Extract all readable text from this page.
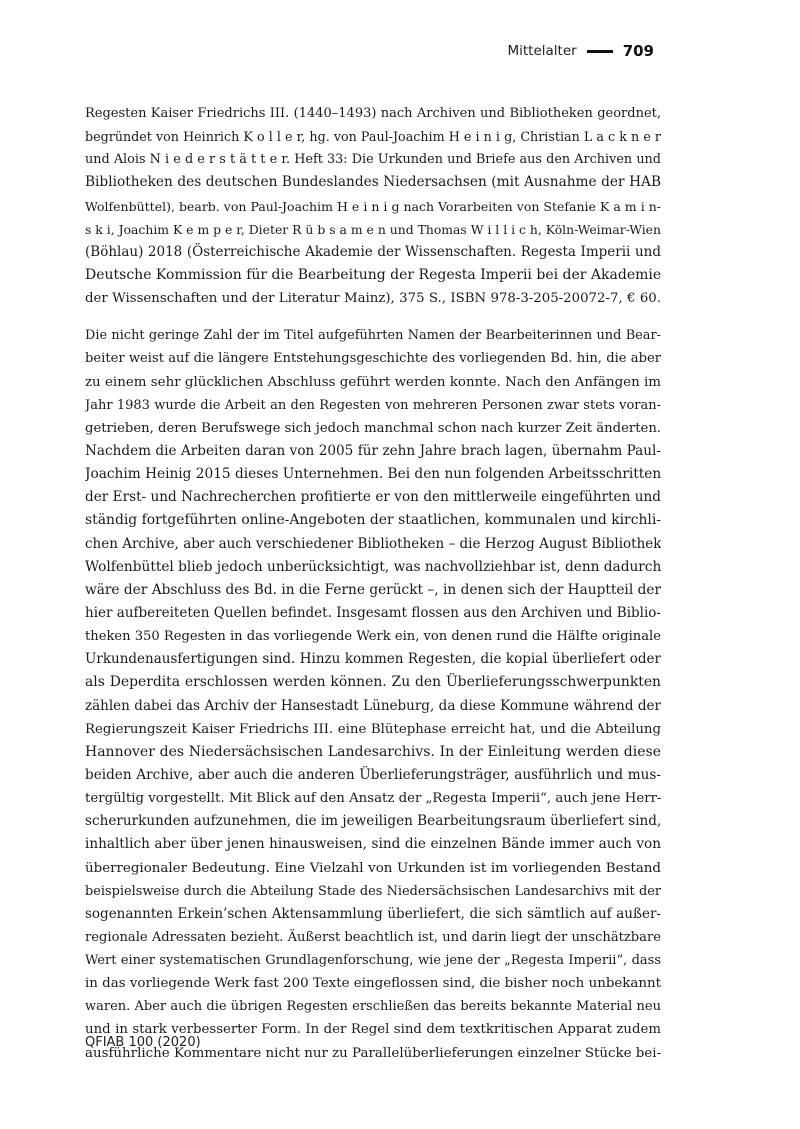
Mittelalter	709
Regesten Kaiser Friedrichs III. (1440–1493) nach Archiven und Bibliotheken geordnet,
begründet von Heinrich K o l l e r, hg. von Paul-Joachim H e i n i g, Christian L a c k n e r
und Alois N i e d e r s t ä t t e r. Heft 33: Die Urkunden und Briefe aus den Archiven und
Bibliotheken des deutschen Bundeslandes Niedersachsen (mit Ausnahme der HAB
Wolfenbüttel), bearb. von Paul-Joachim H e i n i g nach Vorarbeiten von Stefanie K a m i n-
s k i, Joachim K e m p e r, Dieter R ü b s a m e n und Thomas W i l l i c h, Köln-Weimar-Wien
(Böhlau) 2018 (Österreichische Akademie der Wissenschaften. Regesta Imperii und
Deutsche Kommission für die Bearbeitung der Regesta Imperii bei der Akademie
der Wissenschaften und der Literatur Mainz), 375 S., ISBN 978-3-205-20072-7, € 60.
Die nicht geringe Zahl der im Titel aufgeführten Namen der Bearbeiterinnen und Bear-
beiter weist auf die längere Entstehungsgeschichte des vorliegenden Bd. hin, die aber
zu einem sehr glücklichen Abschluss geführt werden konnte. Nach den Anfängen im
Jahr 1983 wurde die Arbeit an den Regesten von mehreren Personen zwar stets voran-
getrieben, deren Berufswege sich jedoch manchmal schon nach kurzer Zeit änderten.
Nachdem die Arbeiten daran von 2005 für zehn Jahre brach lagen, übernahm Paul-
Joachim Heinig 2015 dieses Unternehmen. Bei den nun folgenden Arbeitsschritten
der Erst- und Nachrecherchen profitierte er von den mittlerweile eingeführten und
ständig fortgeführten online-Angeboten der staatlichen, kommunalen und kirchli-
chen Archive, aber auch verschiedener Bibliotheken – die Herzog August Bibliothek
Wolfenbüttel blieb jedoch unberücksichtigt, was nachvollziehbar ist, denn dadurch
wäre der Abschluss des Bd. in die Ferne gerückt –, in denen sich der Hauptteil der
hier aufbereiteten Quellen befindet. Insgesamt flossen aus den Archiven und Biblio-
theken 350 Regesten in das vorliegende Werk ein, von denen rund die Hälfte originale
Urkundenausfertigungen sind. Hinzu kommen Regesten, die kopial überliefert oder
als Deperdita erschlossen werden können. Zu den Überlieferungsschwerpunkten
zählen dabei das Archiv der Hansestadt Lüneburg, da diese Kommune während der
Regierungszeit Kaiser Friedrichs III. eine Blütephase erreicht hat, und die Abteilung
Hannover des Niedersächsischen Landesarchivs. In der Einleitung werden diese
beiden Archive, aber auch die anderen Überlieferungsträger, ausführlich und mus-
tergültig vorgestellt. Mit Blick auf den Ansatz der „Regesta Imperii“, auch jene Herr-
scherurkunden aufzunehmen, die im jeweiligen Bearbeitungsraum überliefert sind,
inhaltlich aber über jenen hinausweisen, sind die einzelnen Bände immer auch von
überregionaler Bedeutung. Eine Vielzahl von Urkunden ist im vorliegenden Bestand
beispielsweise durch die Abteilung Stade des Niedersächsischen Landesarchivs mit der
sogenannten Erkein’schen Aktensammlung überliefert, die sich sämtlich auf außer-
regionale Adressaten bezieht. Äußerst beachtlich ist, und darin liegt der unschätzbare
Wert einer systematischen Grundlagenforschung, wie jene der „Regesta Imperii“, dass
in das vorliegende Werk fast 200 Texte eingeflossen sind, die bisher noch unbekannt
waren. Aber auch die übrigen Regesten erschließen das bereits bekannte Material neu
und in stark verbesserter Form. In der Regel sind dem textkritischen Apparat zudem
ausführliche Kommentare nicht nur zu Parallelüberlieferungen einzelner Stücke bei-
QFIAB 100 (2020)
